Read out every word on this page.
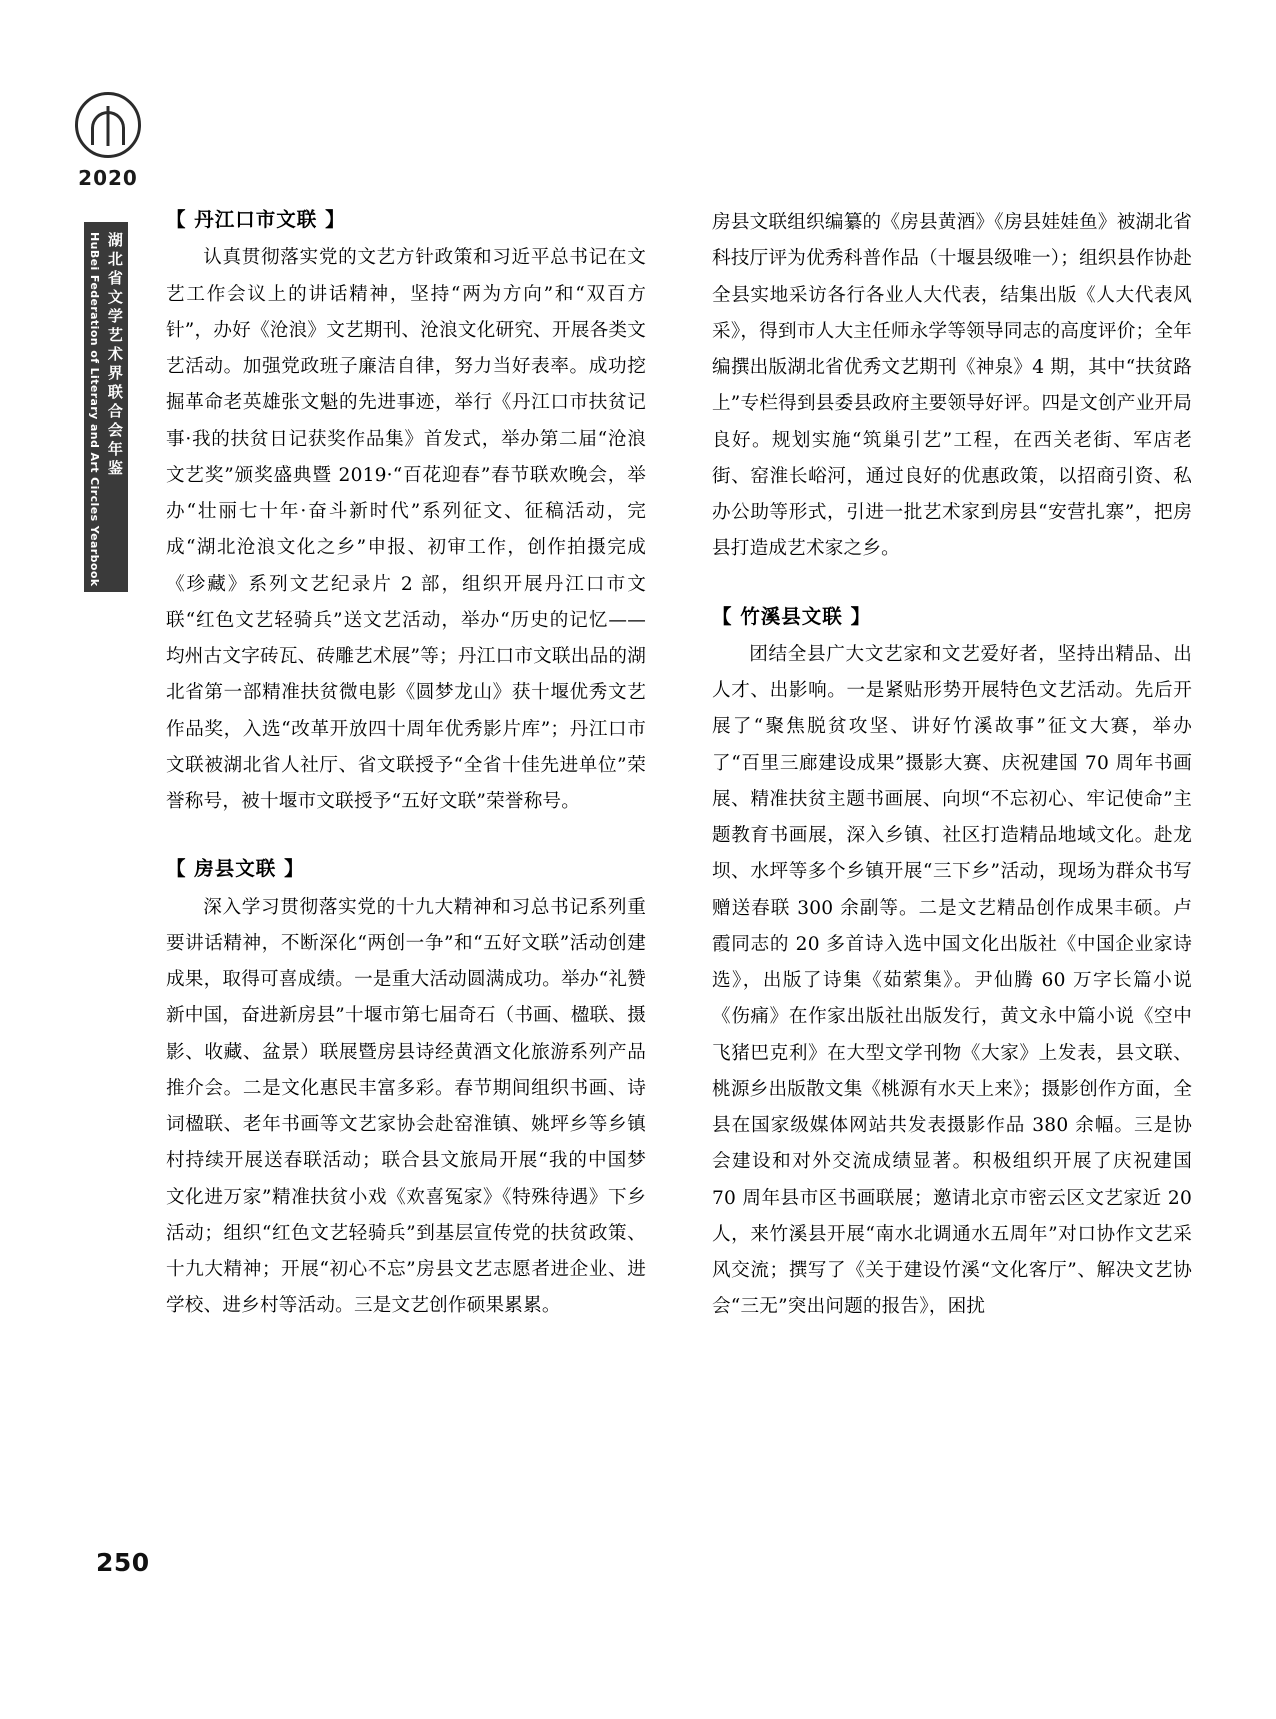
2020
湖北省文学艺术界联合会年鉴
HuBei Federation of Literary and Art Circles Yearbook
【 丹江口市文联 】

认真贯彻落实党的文艺方针政策和习近平总书记在文艺工作会议上的讲话精神，坚持“两为方向”和“双百方针”，办好《沧浪》文艺期刊、沧浪文化研究、开展各类文艺活动。加强党政班子廉洁自律，努力当好表率。成功挖掘革命老英雄张文魁的先进事迹，举行《丹江口市扶贫记事·我的扶贫日记获奖作品集》首发式，举办第二届“沧浪文艺奖”颁奖盛典暨 2019·“百花迎春”春节联欢晚会，举办“壮丽七十年·奋斗新时代”系列征文、征稿活动，完成“湖北沧浪文化之乡”申报、初审工作，创作拍摄完成《珍藏》系列文艺纪录片 2 部，组织开展丹江口市文联“红色文艺轻骑兵”送文艺活动，举办“历史的记忆——均州古文字砖瓦、砖雕艺术展”等；丹江口市文联出品的湖北省第一部精准扶贫微电影《圆梦龙山》获十堰优秀文艺作品奖，入选“改革开放四十周年优秀影片库”；丹江口市文联被湖北省人社厅、省文联授予“全省十佳先进单位”荣誉称号，被十堰市文联授予“五好文联”荣誉称号。

【 房县文联 】

深入学习贯彻落实党的十九大精神和习总书记系列重要讲话精神，不断深化“两创一争”和“五好文联”活动创建成果，取得可喜成绩。一是重大活动圆满成功。举办“礼赞新中国，奋进新房县”十堰市第七届奇石（书画、楹联、摄影、收藏、盆景）联展暨房县诗经黄酒文化旅游系列产品推介会。二是文化惠民丰富多彩。春节期间组织书画、诗词楹联、老年书画等文艺家协会赴窑淮镇、姚坪乡等乡镇村持续开展送春联活动；联合县文旅局开展“我的中国梦 文化进万家”精准扶贫小戏《欢喜冤家》《特殊待遇》下乡活动；组织“红色文艺轻骑兵”到基层宣传党的扶贫政策、十九大精神；开展“初心不忘”房县文艺志愿者进企业、进学校、进乡村等活动。三是文艺创作硕果累累。

房县文联组织编纂的《房县黄酒》《房县娃娃鱼》被湖北省科技厅评为优秀科普作品（十堰县级唯一）；组织县作协赴全县实地采访各行各业人大代表，结集出版《人大代表风采》，得到市人大主任师永学等领导同志的高度评价；全年编撰出版湖北省优秀文艺期刊《神泉》4 期，其中“扶贫路上”专栏得到县委县政府主要领导好评。四是文创产业开局良好。规划实施“筑巢引艺”工程，在西关老街、军店老街、窑淮长峪河，通过良好的优惠政策，以招商引资、私办公助等形式，引进一批艺术家到房县“安营扎寨”，把房县打造成艺术家之乡。

【 竹溪县文联 】

团结全县广大文艺家和文艺爱好者，坚持出精品、出人才、出影响。一是紧贴形势开展特色文艺活动。先后开展了“聚焦脱贫攻坚、讲好竹溪故事”征文大赛，举办了“百里三廊建设成果”摄影大赛、庆祝建国 70 周年书画展、精准扶贫主题书画展、向坝“不忘初心、牢记使命”主题教育书画展，深入乡镇、社区打造精品地域文化。赴龙坝、水坪等多个乡镇开展“三下乡”活动，现场为群众书写赠送春联 300 余副等。二是文艺精品创作成果丰硕。卢霞同志的 20 多首诗入选中国文化出版社《中国企业家诗选》，出版了诗集《茹萦集》。尹仙腾 60 万字长篇小说《伤痛》在作家出版社出版发行，黄文永中篇小说《空中飞猪巴克利》在大型文学刊物《大家》上发表，县文联、桃源乡出版散文集《桃源有水天上来》；摄影创作方面，全县在国家级媒体网站共发表摄影作品 380 余幅。三是协会建设和对外交流成绩显著。积极组织开展了庆祝建国 70 周年县市区书画联展；邀请北京市密云区文艺家近 20 人，来竹溪县开展“南水北调通水五周年”对口协作文艺采风交流；撰写了《关于建设竹溪“文化客厅”、解决文艺协会“三无”突出问题的报告》，困扰

250
